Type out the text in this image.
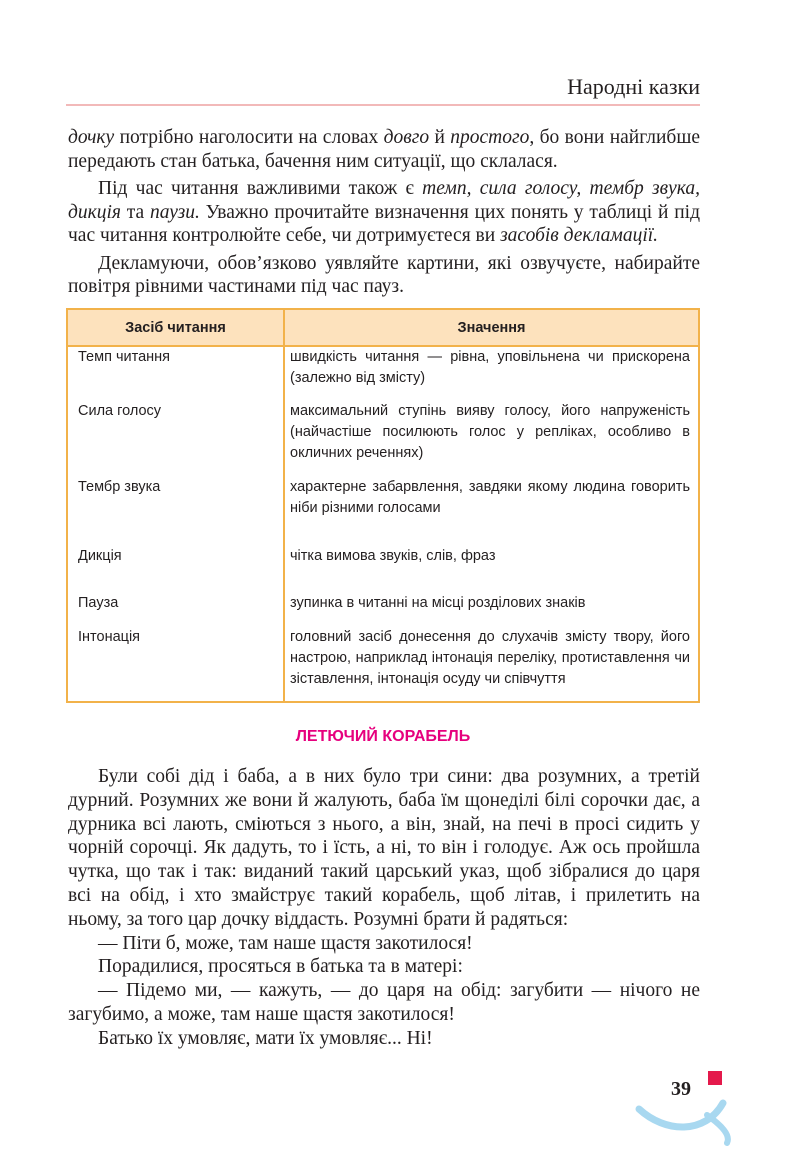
Народні казки

дочку потрібно наголосити на словах довго й простого, бо вони найглибше передають стан батька, бачення ним ситуації, що склалася.

Під час читання важливими також є темп, сила голосу, тембр звука, дикція та паузи. Уважно прочитайте визначення цих понять у таблиці й під час читання контролюйте себе, чи дотримуєтеся ви засобів декламації.

Декламуючи, обов’язково уявляйте картини, які озвучуєте, набирайте повітря рівними частинами під час пауз.

Засіб читання	Значення
Темп читання	швидкість читання — рівна, уповільнена чи прискорена (залежно від змісту)
Сила голосу	максимальний ступінь вияву голосу, його напруженість (найчастіше посилюють голос у репліках, особливо в окличних реченнях)
Тембр звука	характерне забарвлення, завдяки якому людина говорить ніби різними голосами
Дикція	чітка вимова звуків, слів, фраз
Пауза	зупинка в читанні на місці розділових знаків
Інтонація	головний засіб донесення до слухачів змісту твору, його настрою, наприклад інтонація переліку, протиставлення чи зіставлення, інтонація осуду чи співчуття
ЛЕТЮЧИЙ КОРАБЕЛЬ

Були собі дід і баба, а в них було три сини: два розумних, а третій дурний. Розумних же вони й жалують, баба їм щонеділі білі сорочки дає, а дурника всі лають, сміються з нього, а він, знай, на печі в просі сидить у чорній сорочці. Як дадуть, то і їсть, а ні, то він і голодує. Аж ось пройшла чутка, що так і так: виданий такий царський указ, щоб зібралися до царя всі на обід, і хто змайструє такий корабель, щоб літав, і прилетить на ньому, за того цар дочку віддасть. Розумні брати й радяться:

— Піти б, може, там наше щастя закотилося!

Порадилися, просяться в батька та в матері:

— Підемо ми, — кажуть, — до царя на обід: загубити — нічого не загубимо, а може, там наше щастя закотилося!

Батько їх умовляє, мати їх умовляє... Ні!

39
